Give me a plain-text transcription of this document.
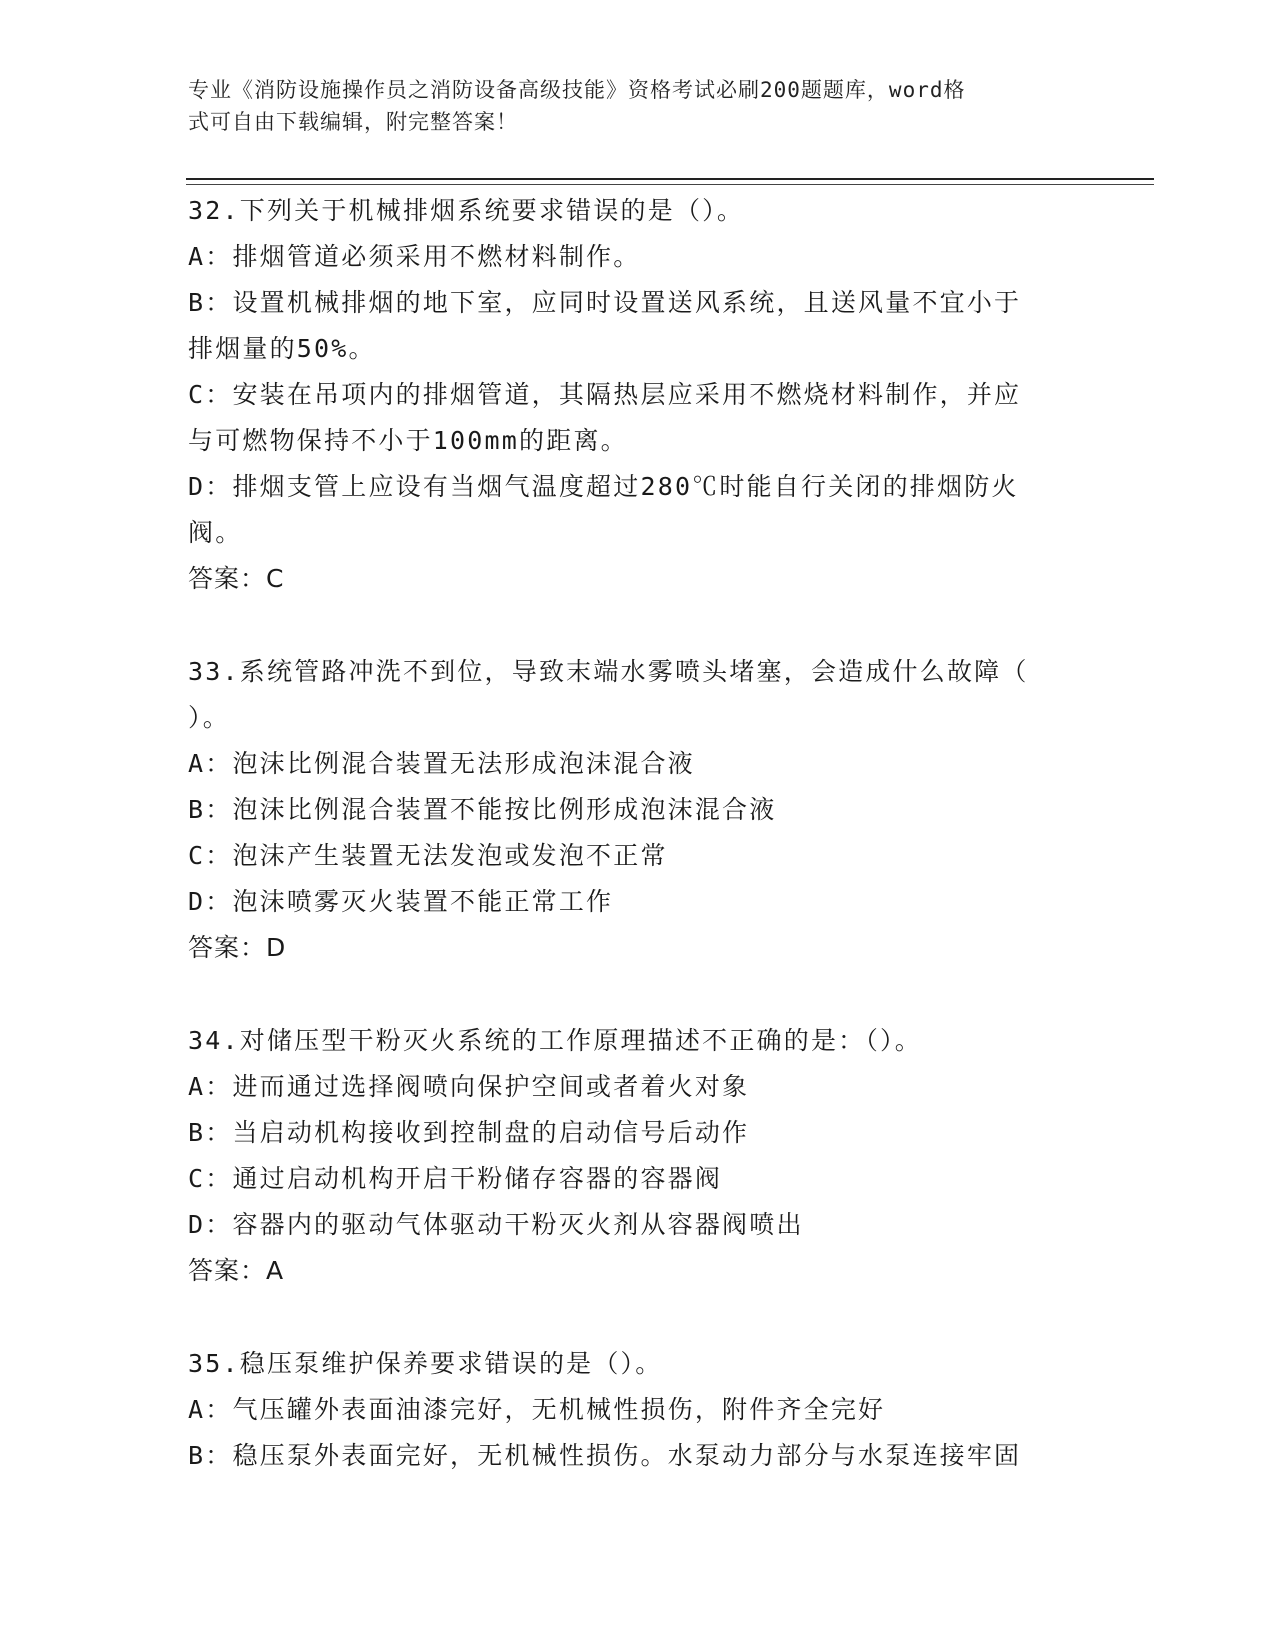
专业《消防设施操作员之消防设备高级技能》资格考试必刷200题题库，word格
式可自由下载编辑，附完整答案！
32.下列关于机械排烟系统要求错误的是（）。
A：排烟管道必须采用不燃材料制作。
B：设置机械排烟的地下室，应同时设置送风系统，且送风量不宜小于
排烟量的50%。
C：安装在吊项内的排烟管道，其隔热层应采用不燃烧材料制作，并应
与可燃物保持不小于100mm的距离。
D：排烟支管上应设有当烟气温度超过280℃时能自行关闭的排烟防火
阀。
答案：C
33.系统管路冲洗不到位，导致末端水雾喷头堵塞，会造成什么故障（
）。
A：泡沫比例混合装置无法形成泡沫混合液
B：泡沫比例混合装置不能按比例形成泡沫混合液
C：泡沫产生装置无法发泡或发泡不正常
D：泡沫喷雾灭火装置不能正常工作
答案：D
34.对储压型干粉灭火系统的工作原理描述不正确的是：（）。
A：进而通过选择阀喷向保护空间或者着火对象
B：当启动机构接收到控制盘的启动信号后动作
C：通过启动机构开启干粉储存容器的容器阀
D：容器内的驱动气体驱动干粉灭火剂从容器阀喷出
答案：A
35.稳压泵维护保养要求错误的是（）。
A：气压罐外表面油漆完好，无机械性损伤，附件齐全完好
B：稳压泵外表面完好，无机械性损伤。水泵动力部分与水泵连接牢固
